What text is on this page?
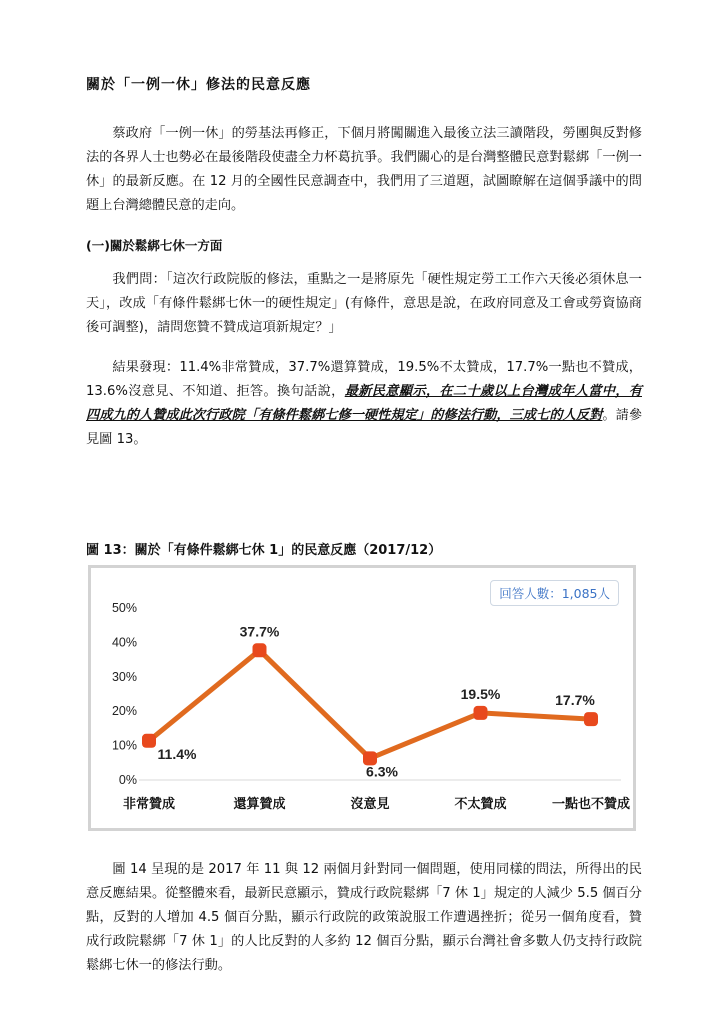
關於「一例一休」修法的民意反應
蔡政府「一例一休」的勞基法再修正，下個月將闖關進入最後立法三讀階段，勞團與反對修法的各界人士也勢必在最後階段使盡全力杯葛抗爭。我們關心的是台灣整體民意對鬆綁「一例一休」的最新反應。在 12 月的全國性民意調查中，我們用了三道題，試圖瞭解在這個爭議中的問題上台灣總體民意的走向。
(一)關於鬆綁七休一方面
我們問：「這次行政院版的修法，重點之一是將原先「硬性規定勞工工作六天後必須休息一天」，改成「有條件鬆綁七休一的硬性規定」(有條件，意思是說，在政府同意及工會或勞資協商後可調整)，請問您贊不贊成這項新規定？」
結果發現：11.4%非常贊成，37.7%還算贊成，19.5%不太贊成，17.7%一點也不贊成，13.6%沒意見、不知道、拒答。換句話說，最新民意顯示，在二十歲以上台灣成年人當中，有四成九的人贊成此次行政院「有條件鬆綁七修一硬性規定」的修法行動，三成七的人反對。請參見圖 13。
圖 13：關於「有條件鬆綁七休 1」的民意反應（2017/12）
0%
10%
20%
30%
40%
50%
非常贊成	還算贊成	沒意見	不太贊成	一點也不贊成
11.4%
37.7%
6.3%
19.5%	17.7%
回答人數：1,085人
圖 14 呈現的是 2017 年 11 與 12 兩個月針對同一個問題，使用同樣的問法，所得出的民意反應結果。從整體來看，最新民意顯示，贊成行政院鬆綁「7 休 1」規定的人減少 5.5 個百分點，反對的人增加 4.5 個百分點，顯示行政院的政策說服工作遭遇挫折；從另一個角度看，贊成行政院鬆綁「7 休 1」的人比反對的人多約 12 個百分點，顯示台灣社會多數人仍支持行政院鬆綁七休一的修法行動。
